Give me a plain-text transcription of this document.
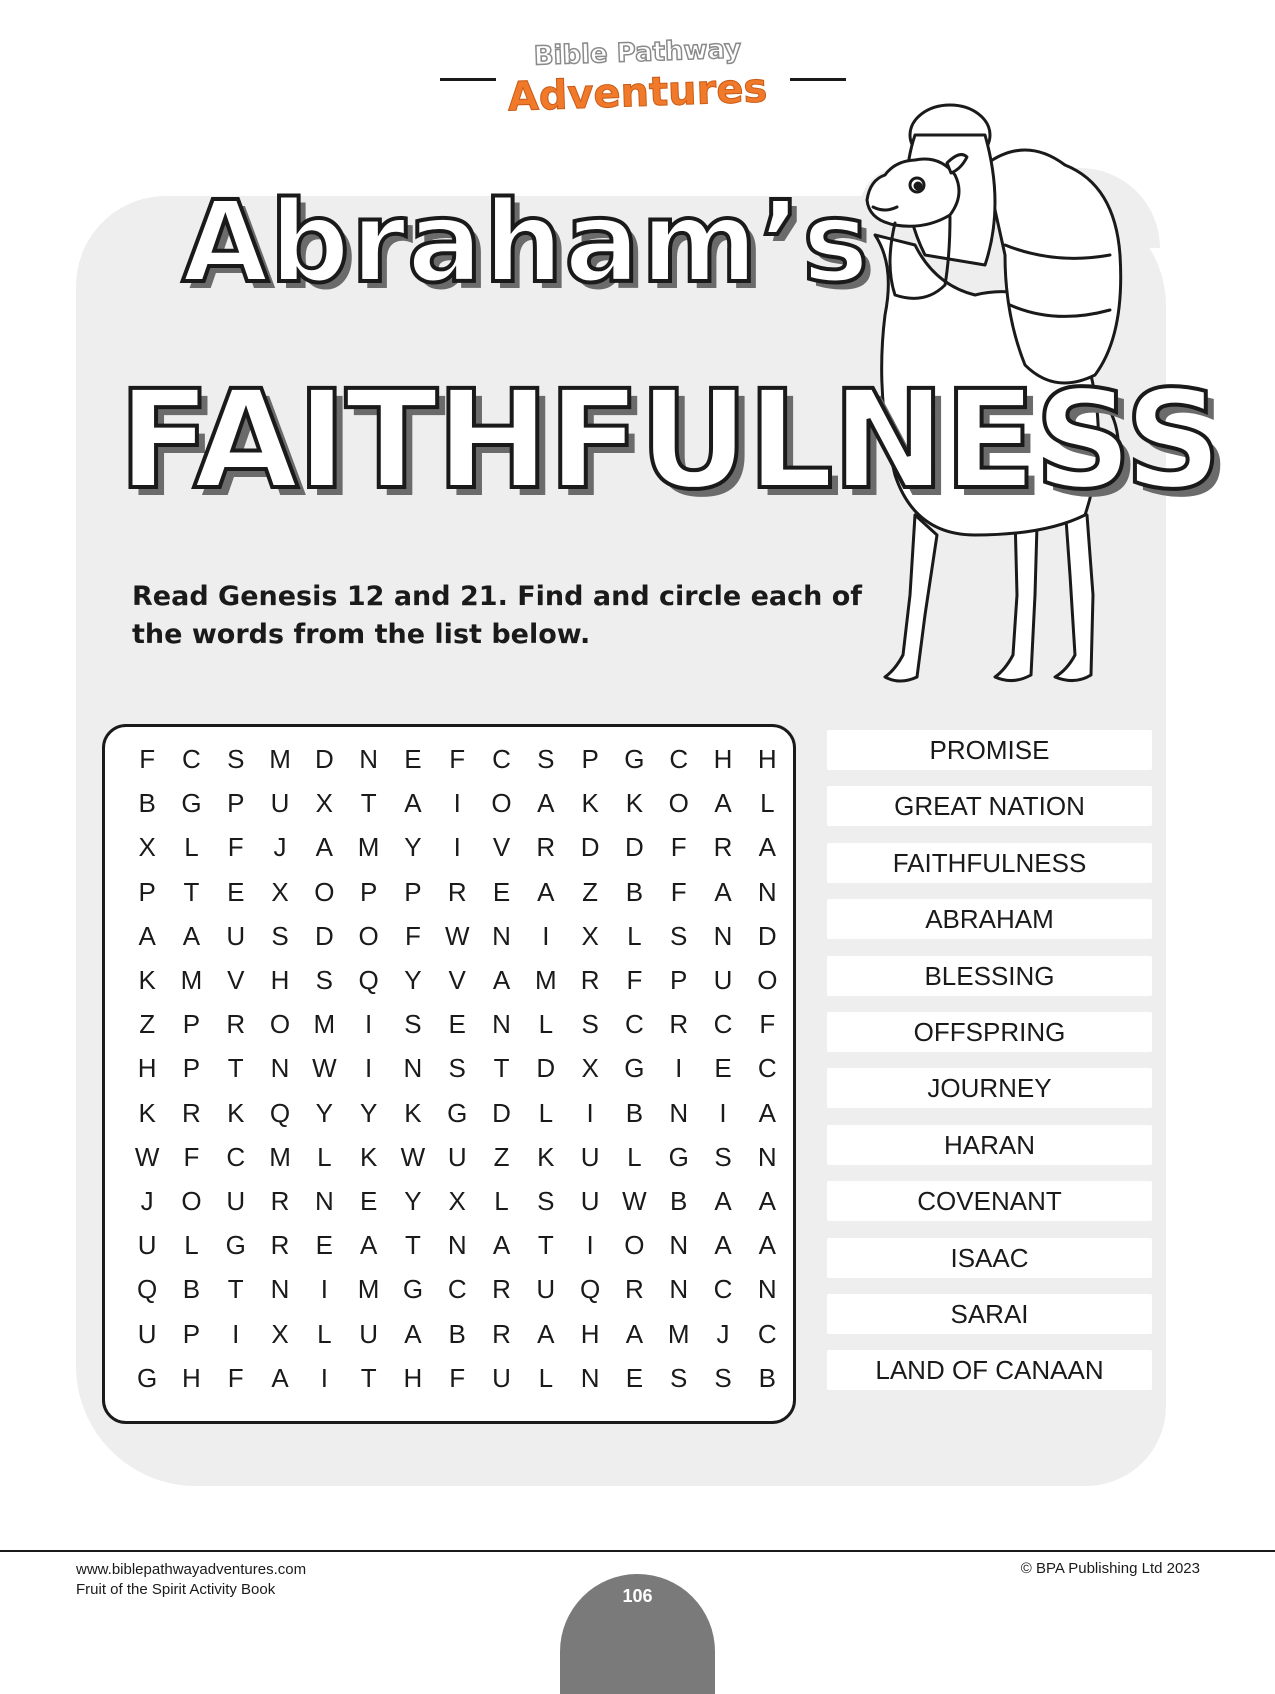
Bible Pathway
Adventures
Abraham’s
FAITHFULNESS
Read Genesis 12 and 21. Find and circle each of the words from the list below.
F	C	S M D N	E	F	C	S	P G C H H
B G P	U	X	T	A	I	O A	K	K O A	L
X	L	F	J	A M Y	I	V	R D D	F	R	A
P	T	E	X O P	P	R	E	A	Z	B	F	A	N
A	A	U	S	D O	F W N	I	X	L	S	N D
K M V	H	S Q Y	V	A M R	F	P	U O
Z	P	R O M	I	S	E	N	L	S	C R C	F
H	P	T	N W	I	N	S	T	D	X G	I	E	C
K	R	K Q Y	Y	K G D	L	I	B	N	I	A
W F	C M	L	K W U	Z	K	U	L	G S	N
J	O U R N	E	Y	X	L	S	U W B	A	A
U	L	G R	E	A	T	N	A	T	I	O N	A	A
Q B	T	N	I	M G C R U Q R N C N
U	P	I	X	L	U	A	B	R	A	H	A M	J	C
G H	F	A	I	T	H	F	U	L	N	E	S	S	B
PROMISE
GREAT NATION
FAITHFULNESS
ABRAHAM
BLESSING
OFFSPRING
JOURNEY
HARAN
COVENANT
ISAAC
SARAI
LAND OF CANAAN
www.biblepathwayadventures.com
Fruit of the Spirit Activity Book
© BPA Publishing Ltd 2023
106
